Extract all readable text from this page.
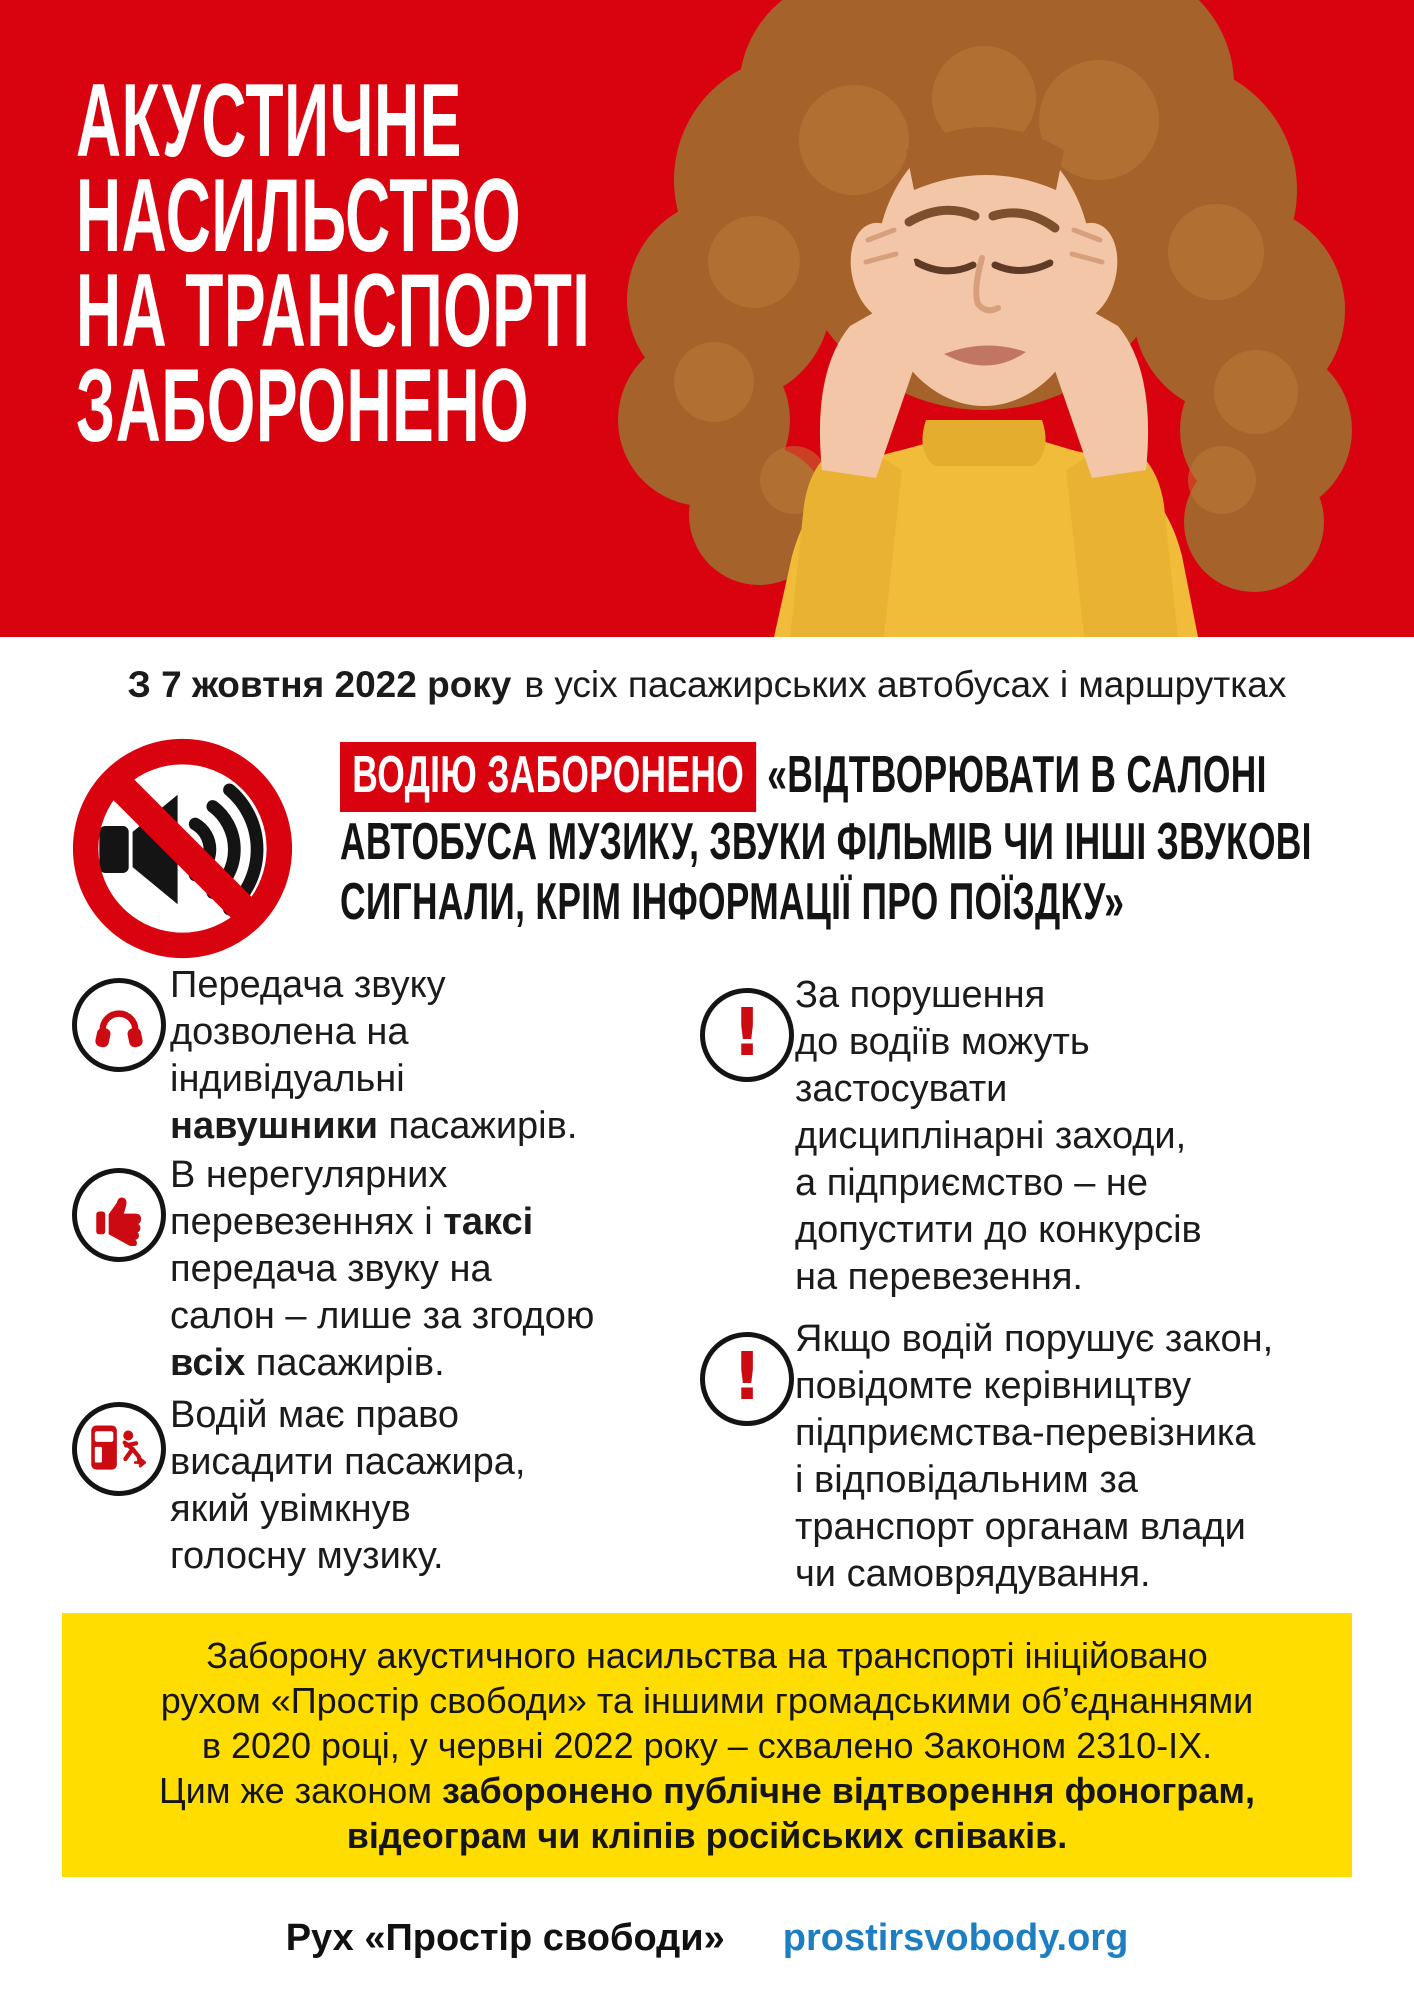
АКУСТИЧНЕ
НАСИЛЬСТВО
НА ТРАНСПОРТІ
ЗАБОРОНЕНО
З 7 жовтня 2022 року в усіх пасажирських автобусах і маршрутках
ВОДІЮ ЗАБОРОНЕНО «ВІДТВОРЮВАТИ В САЛОНІ
АВТОБУСА МУЗИКУ, ЗВУКИ ФІЛЬМІВ ЧИ ІНШІ ЗВУКОВІ
СИГНАЛИ, КРІМ ІНФОРМАЦІЇ ПРО ПОЇЗДКУ»

Передача звуку
дозволена на
індивідуальні
навушники пасажирів.

В нерегулярних
перевезеннях і таксі
передача звуку на
салон – лише за згодою
всіх пасажирів.

Водій має право
висадити пасажира,
який увімкнув
голосну музику.

! За порушення
до водіїв можуть
застосувати
дисциплінарні заходи,
а підприємство – не
допустити до конкурсів
на перевезення.

! Якщо водій порушує закон,
повідомте керівництву
підприємства-перевізника
і відповідальним за
транспорт органам влади
чи самоврядування.

Заборону акустичного насильства на транспорті ініційовано
рухом «Простір свободи» та іншими громадськими об’єднаннями
в 2020 році, у червні 2022 року – схвалено Законом 2310-IX.
Цим же законом заборонено публічне відтворення фонограм,
відеограм чи кліпів російських співаків.
Рух «Простір свободи» prostirsvobody.org
